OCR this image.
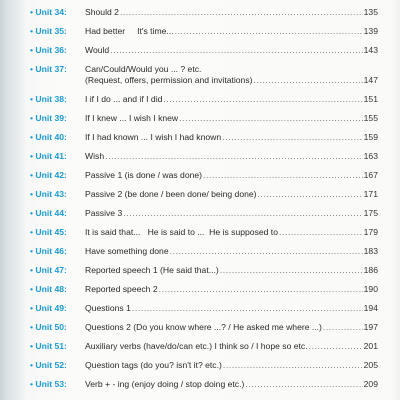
.....
• Unit 34:	Should 2 .....	135
• Unit 35:	Had better     It's time... .....	139
• Unit 36:	Would .....	143
• Unit 37:	Can/Could/Would you ... ? etc.
(Request, offers, permission and invitations) .....	147
• Unit 38:	I if I do ... and if I did .....	151
• Unit 39:	If I knew ... I wish I knew .....	155
• Unit 40:	If I had known ... I wish I had known .....	159
• Unit 41:	Wish .....	163
• Unit 42:	Passive 1 (is done / was done) .....	167
• Unit 43:	Passive 2 (be done / been done/ being done) .....	171
• Unit 44:	Passive 3 .....	175
• Unit 45:	It is said that...   He is said to ...  He is supposed to .....	179
• Unit 46:	Have something done .....	183
• Unit 47:	Reported speech 1 (He said that...) .....	186
• Unit 48:	Reported speech 2 .....	190
• Unit 49:	Questions 1 .....	194
• Unit 50:	Questions 2 (Do you know where ...? / He asked me where ...) .....	197
• Unit 51:	Auxiliary verbs (have/do/can etc.) I think so / I hope so etc. .....	201
• Unit 52:	Question tags (do you? isn't it? etc.) .....	205
• Unit 53:	Verb + - ing (enjoy doing / stop doing etc.) .....	209
